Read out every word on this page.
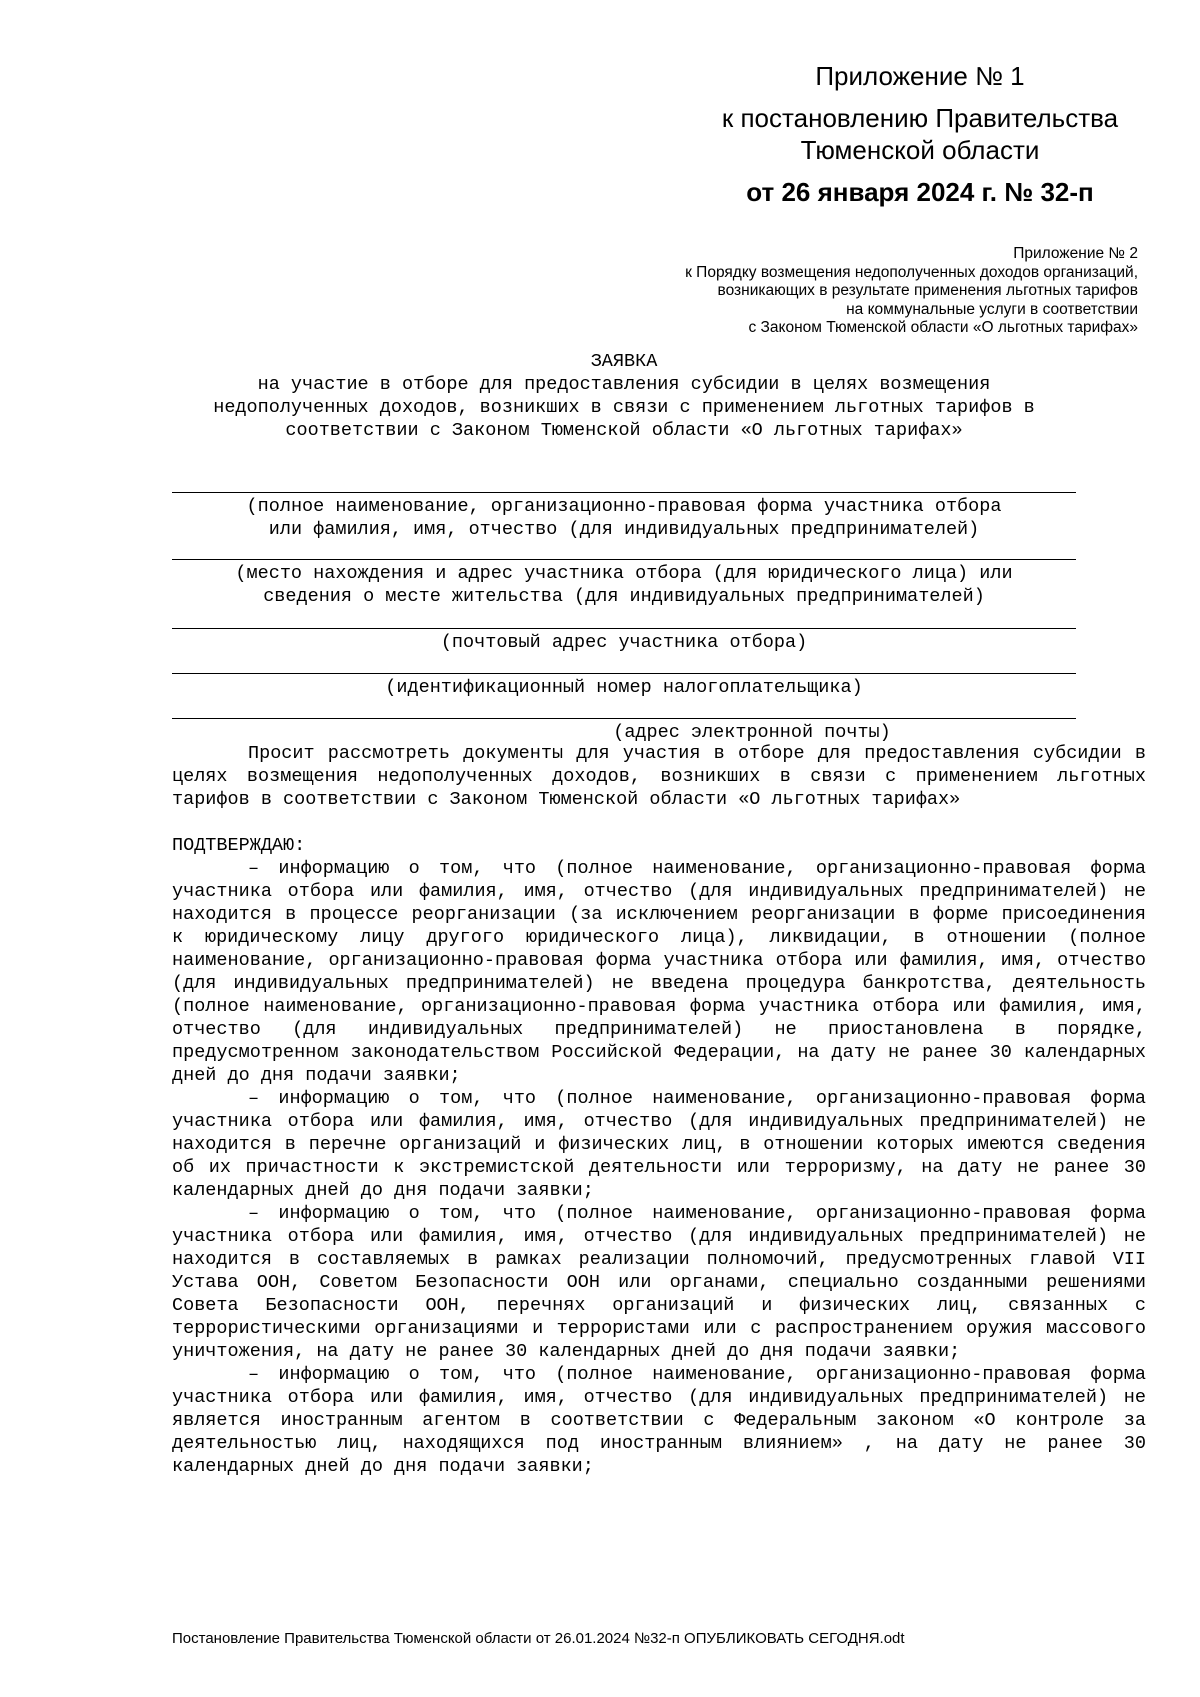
Приложение № 1
к постановлению Правительства
Тюменской области
от 26 января 2024 г. № 32-п
Приложение № 2
к Порядку возмещения недополученных доходов организаций,
возникающих в результате применения льготных тарифов
на коммунальные услуги в соответствии
с Законом Тюменской области «О льготных тарифах»
ЗАЯВКА
на участие в отборе для предоставления субсидии в целях возмещения
недополученных доходов, возникших в связи с применением льготных тарифов в
соответствии с Законом Тюменской области «О льготных тарифах»
(полное наименование, организационно-правовая форма участника отбора
или фамилия, имя, отчество (для индивидуальных предпринимателей)
(место нахождения и адрес участника отбора (для юридического лица) или
сведения о месте жительства (для индивидуальных предпринимателей)
(почтовый адрес участника отбора)
(идентификационный номер налогоплательщика)
(адрес электронной почты)

Просит рассмотреть документы для участия в отборе для предоставления субсидии в целях возмещения недополученных доходов, возникших в связи с применением льготных тарифов в соответствии с Законом Тюменской области «О льготных тарифах»

ПОДТВЕРЖДАЮ:

– информацию о том, что (полное наименование, организационно-правовая форма участника отбора или фамилия, имя, отчество (для индивидуальных предпринимателей) не находится в процессе реорганизации (за исключением реорганизации в форме присоединения к юридическому лицу другого юридического лица), ликвидации, в отношении (полное наименование, организационно-правовая форма участника отбора или фамилия, имя, отчество (для индивидуальных предпринимателей) не введена процедура банкротства, деятельность (полное наименование, организационно-правовая форма участника отбора или фамилия, имя, отчество (для индивидуальных предпринимателей) не приостановлена в порядке, предусмотренном законодательством Российской Федерации, на дату не ранее 30 календарных дней до дня подачи заявки;

– информацию о том, что (полное наименование, организационно-правовая форма участника отбора или фамилия, имя, отчество (для индивидуальных предпринимателей) не находится в перечне организаций и физических лиц, в отношении которых имеются сведения об их причастности к экстремистской деятельности или терроризму, на дату не ранее 30 календарных дней до дня подачи заявки;

– информацию о том, что (полное наименование, организационно-правовая форма участника отбора или фамилия, имя, отчество (для индивидуальных предпринимателей) не находится в составляемых в рамках реализации полномочий, предусмотренных главой VII Устава ООН, Советом Безопасности ООН или органами, специально созданными решениями Совета Безопасности ООН, перечнях организаций и физических лиц, связанных с террористическими организациями и террористами или с распространением оружия массового уничтожения, на дату не ранее 30 календарных дней до дня подачи заявки;

– информацию о том, что (полное наименование, организационно-правовая форма участника отбора или фамилия, имя, отчество (для индивидуальных предпринимателей) не является иностранным агентом в соответствии с Федеральным законом «О контроле за деятельностью лиц, находящихся под иностранным влиянием» , на дату не ранее 30 календарных дней до дня подачи заявки;

Постановление Правительства Тюменской области от 26.01.2024 №32-п ОПУБЛИКОВАТЬ СЕГОДНЯ.odt
